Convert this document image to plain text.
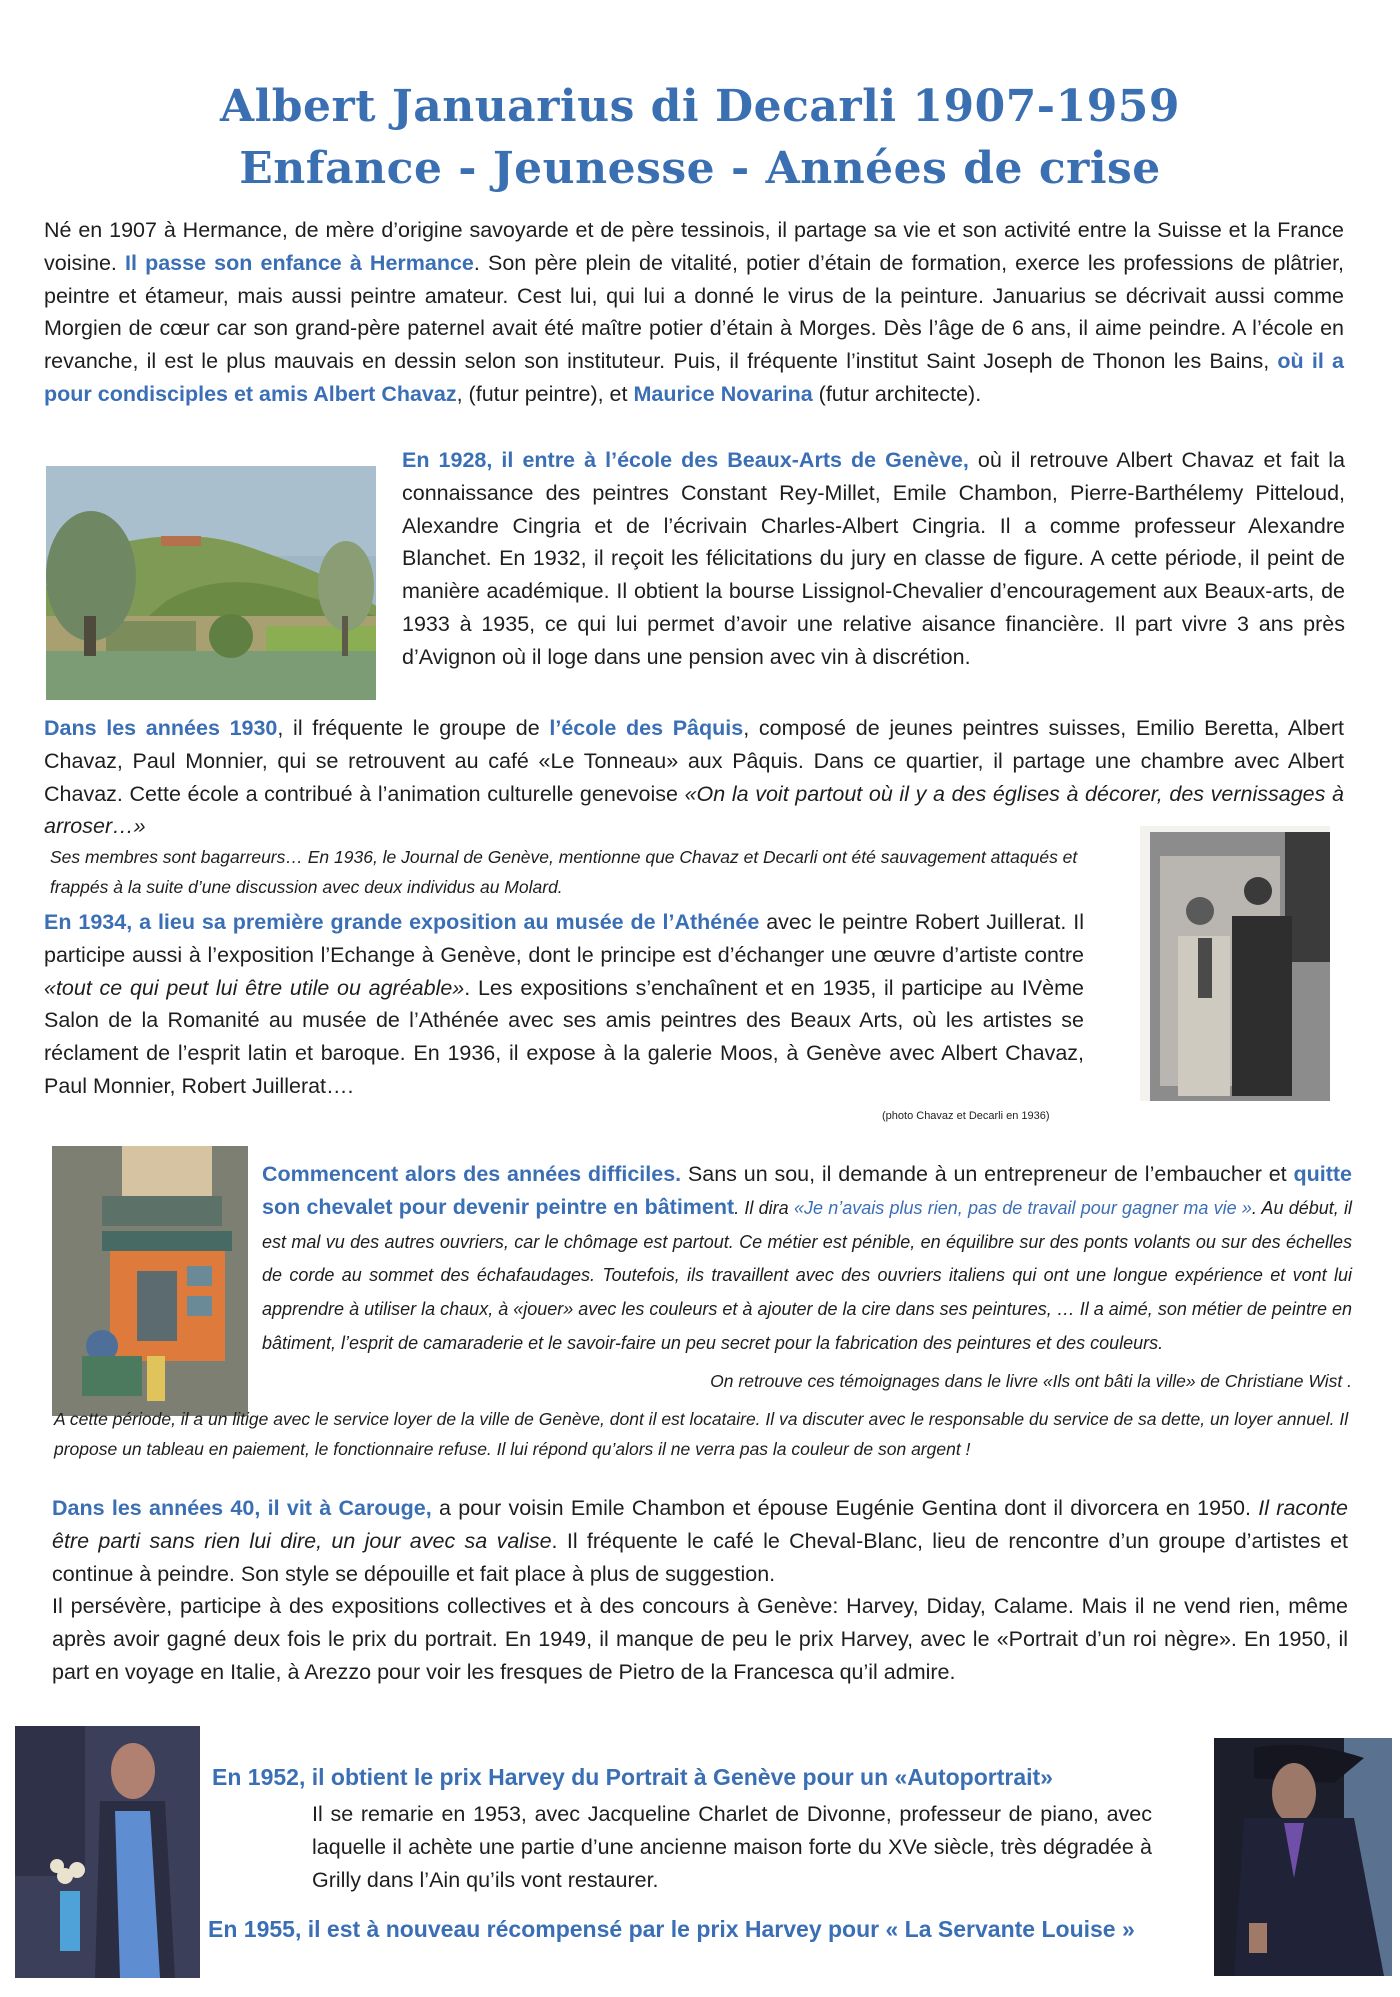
Albert Januarius di Decarli 1907-1959
Enfance - Jeunesse - Années de crise
Né en 1907 à Hermance, de mère d’origine savoyarde et de père tessinois, il partage sa vie et son activité entre la Suisse et la France voisine. Il passe son enfance à Hermance. Son père plein de vitalité, potier d’étain de formation, exerce les professions de plâtrier, peintre et étameur, mais aussi peintre amateur. Cest lui, qui lui a donné le virus de la peinture. Januarius se décrivait aussi comme Morgien de cœur car son grand-père paternel avait été maître potier d’étain à Morges. Dès l’âge de 6 ans, il aime peindre. A l’école en revanche, il est le plus mauvais en dessin selon son instituteur. Puis, il fréquente l’institut Saint Joseph de Thonon les Bains, où il a pour condisciples et amis Albert Chavaz, (futur peintre), et Maurice Novarina (futur architecte).
En 1928, il entre à l’école des Beaux-Arts de Genève, où il retrouve Albert Chavaz et fait la connaissance des peintres Constant Rey-Millet, Emile Chambon, Pierre-Barthélemy Pitteloud, Alexandre Cingria et de l’écrivain Charles-Albert Cingria. Il a comme professeur Alexandre Blanchet. En 1932, il reçoit les félicitations du jury en classe de figure. A cette période, il peint de manière académique. Il obtient la bourse Lissignol-Chevalier d’encouragement aux Beaux-arts, de 1933 à 1935, ce qui lui permet d’avoir une relative aisance financière. Il part vivre 3 ans près d’Avignon où il loge dans une pension avec vin à discrétion.
Dans les années 1930, il fréquente le groupe de l’école des Pâquis, composé de jeunes peintres suisses, Emilio Beretta, Albert Chavaz, Paul Monnier, qui se retrouvent au café «Le Tonneau» aux Pâquis. Dans ce quartier, il partage une chambre avec Albert Chavaz. Cette école a contribué à l’animation culturelle genevoise «On la voit partout où il y a des églises à décorer, des vernissages à arroser…»
Ses membres sont bagarreurs… En 1936, le Journal de Genève, mentionne que Chavaz et Decarli ont été sauvagement attaqués et frappés à la suite d’une discussion avec deux individus au Molard.
En 1934, a lieu sa première grande exposition au musée de l’Athénée avec le peintre Robert Juillerat. Il participe aussi à l’exposition l’Echange à Genève, dont le principe est d’échanger une œuvre d’artiste contre «tout ce qui peut lui être utile ou agréable». Les expositions s’enchaînent et en 1935, il participe au IVème Salon de la Romanité au musée de l’Athénée avec ses amis peintres des Beaux Arts, où les artistes se réclament de l’esprit latin et baroque. En 1936, il expose à la galerie Moos, à Genève avec Albert Chavaz, Paul Monnier, Robert Juillerat….
(photo Chavaz et Decarli en 1936)
Commencent alors des années difficiles. Sans un sou, il demande à un entrepreneur de l’embaucher et quitte son chevalet pour devenir peintre en bâtiment. Il dira «Je n’avais plus rien, pas de travail pour gagner ma vie ». Au début, il est mal vu des autres ouvriers, car le chômage est partout. Ce métier est pénible, en équilibre sur des ponts volants ou sur des échelles de corde au sommet des échafaudages. Toutefois, ils travaillent avec des ouvriers italiens qui ont une longue expérience et vont lui apprendre à utiliser la chaux, à «jouer» avec les couleurs et à ajouter de la cire dans ses peintures, … Il a aimé, son métier de peintre en bâtiment, l’esprit de camaraderie et le savoir-faire un peu secret pour la fabrication des peintures et des couleurs.
On retrouve ces témoignages dans le livre «Ils ont bâti la ville» de Christiane Wist .
A cette période, il a un litige avec le service loyer de la ville de Genève, dont il est locataire. Il va discuter avec le responsable du service de sa dette, un loyer annuel. Il propose un tableau en paiement, le fonctionnaire refuse. Il lui répond qu’alors il ne verra pas la couleur de son argent !
Dans les années 40, il vit à Carouge, a pour voisin Emile Chambon et épouse Eugénie Gentina dont il divorcera en 1950. Il raconte être parti sans rien lui dire, un jour avec sa valise. Il fréquente le café le Cheval-Blanc, lieu de rencontre d’un groupe d’artistes et continue à peindre. Son style se dépouille et fait place à plus de suggestion.
Il persévère, participe à des expositions collectives et à des concours à Genève: Harvey, Diday, Calame. Mais il ne vend rien, même après avoir gagné deux fois le prix du portrait. En 1949, il manque de peu le prix Harvey, avec le «Portrait d’un roi nègre». En 1950, il part en voyage en Italie, à Arezzo pour voir les fresques de Pietro de la Francesca qu’il admire.
En 1952, il obtient le prix Harvey du Portrait à Genève pour un «Autoportrait»
Il se remarie en 1953, avec Jacqueline Charlet de Divonne, professeur de piano, avec laquelle il achète une partie d’une ancienne maison forte du XVe siècle, très dégradée à Grilly dans l’Ain qu’ils vont restaurer.
En 1955, il est à nouveau récompensé par le prix Harvey pour « La Servante Louise »
